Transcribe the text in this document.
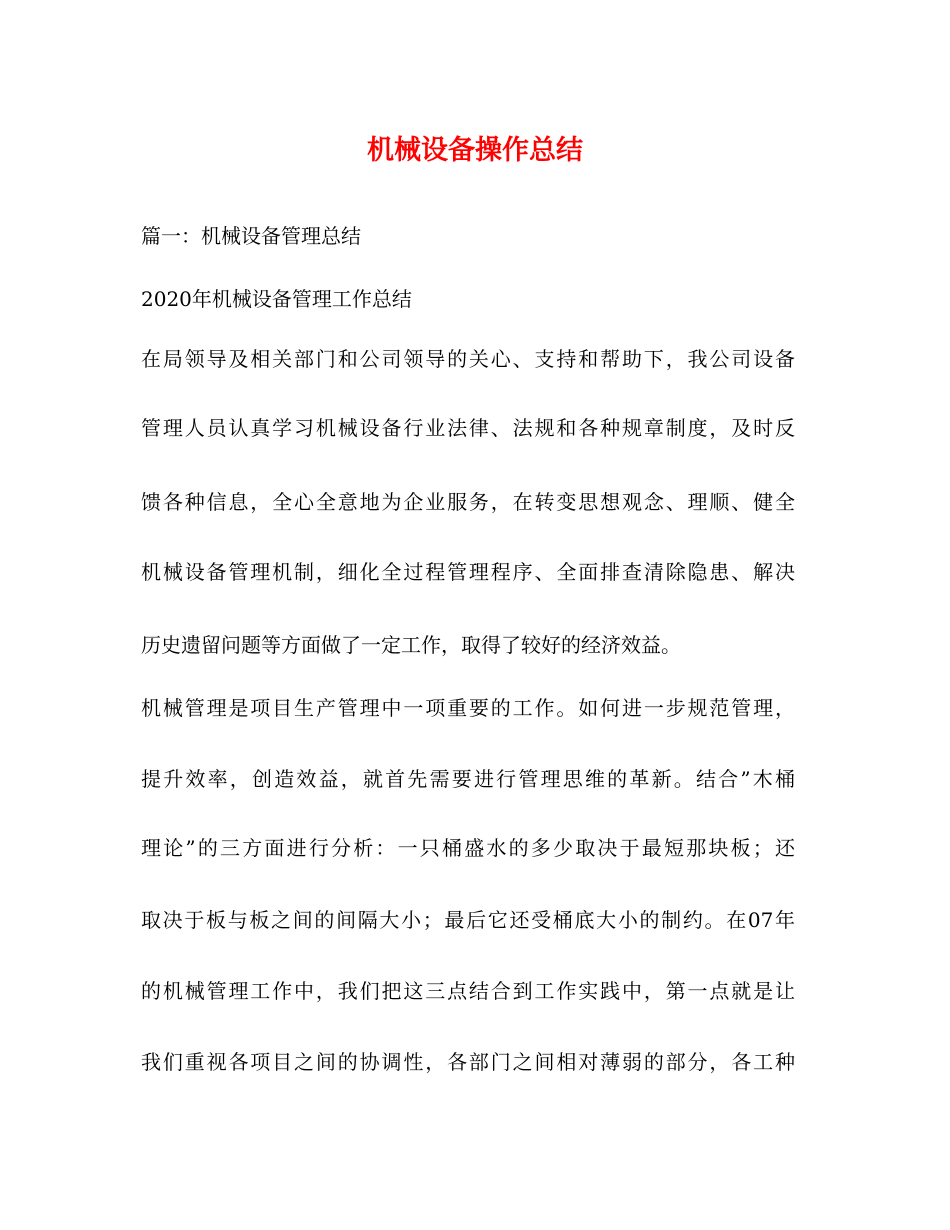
机械设备操作总结

篇一：机械设备管理总结

2020年机械设备管理工作总结

在局领导及相关部门和公司领导的关心、支持和帮助下，我公司设备

管理人员认真学习机械设备行业法律、法规和各种规章制度，及时反

馈各种信息，全心全意地为企业服务，在转变思想观念、理顺、健全

机械设备管理机制，细化全过程管理程序、全面排查清除隐患、解决

历史遗留问题等方面做了一定工作，取得了较好的经济效益。

机械管理是项目生产管理中一项重要的工作。如何进一步规范管理，

提升效率，创造效益，就首先需要进行管理思维的革新。结合”木桶

理论”的三方面进行分析：一只桶盛水的多少取决于最短那块板；还

取决于板与板之间的间隔大小；最后它还受桶底大小的制约。在07年

的机械管理工作中，我们把这三点结合到工作实践中，第一点就是让

我们重视各项目之间的协调性，各部门之间相对薄弱的部分，各工种
